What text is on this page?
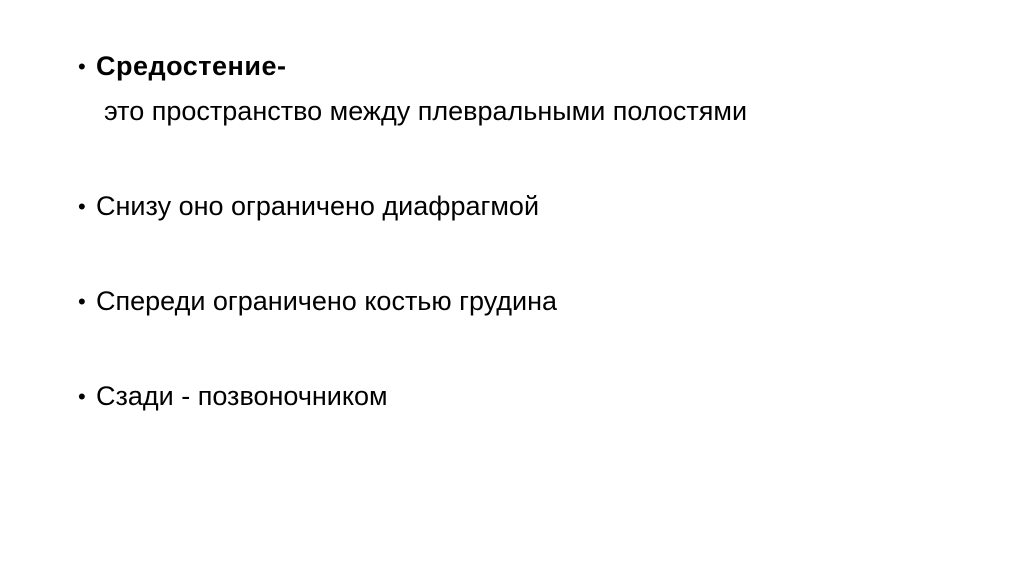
• Средостение-
это пространство между плевральными полостями
• Снизу оно ограничено диафрагмой
• Спереди ограничено костью грудина
• Сзади - позвоночником
